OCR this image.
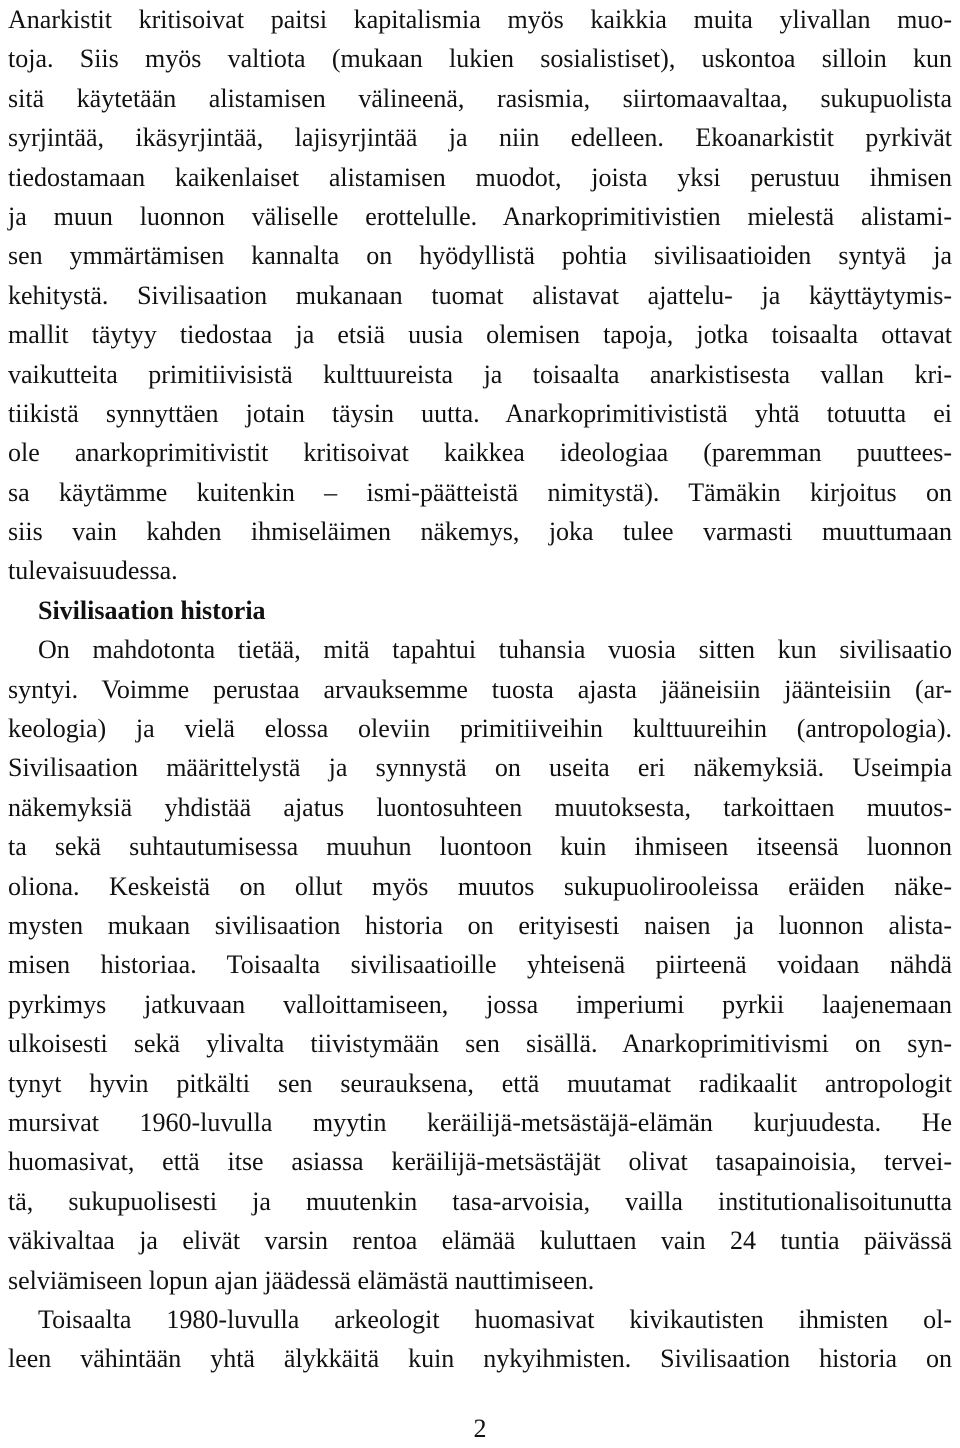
Anarkistit kritisoivat paitsi kapitalismia myös kaikkia muita ylivallan muo-
toja. Siis myös valtiota (mukaan lukien sosialistiset), uskontoa silloin kun
sitä käytetään alistamisen välineenä, rasismia, siirtomaavaltaa, sukupuolista
syrjintää, ikäsyrjintää, lajisyrjintää ja niin edelleen. Ekoanarkistit pyrkivät
tiedostamaan kaikenlaiset alistamisen muodot, joista yksi perustuu ihmisen
ja muun luonnon väliselle erottelulle. Anarkoprimitivistien mielestä alistami-
sen ymmärtämisen kannalta on hyödyllistä pohtia sivilisaatioiden syntyä ja
kehitystä. Sivilisaation mukanaan tuomat alistavat ajattelu- ja käyttäytymis-
mallit täytyy tiedostaa ja etsiä uusia olemisen tapoja, jotka toisaalta ottavat
vaikutteita primitiivisistä kulttuureista ja toisaalta anarkistisesta vallan kri-
tiikistä synnyttäen jotain täysin uutta. Anarkoprimitivististä yhtä totuutta ei
ole anarkoprimitivistit kritisoivat kaikkea ideologiaa (paremman puuttees-
sa käytämme kuitenkin – ismi-päätteistä nimitystä). Tämäkin kirjoitus on
siis vain kahden ihmiseläimen näkemys, joka tulee varmasti muuttumaan
tulevaisuudessa.
Sivilisaation historia
On mahdotonta tietää, mitä tapahtui tuhansia vuosia sitten kun sivilisaatio
syntyi. Voimme perustaa arvauksemme tuosta ajasta jääneisiin jäänteisiin (ar-
keologia) ja vielä elossa oleviin primitiiveihin kulttuureihin (antropologia).
Sivilisaation määrittelystä ja synnystä on useita eri näkemyksiä. Useimpia
näkemyksiä yhdistää ajatus luontosuhteen muutoksesta, tarkoittaen muutos-
ta sekä suhtautumisessa muuhun luontoon kuin ihmiseen itseensä luonnon
oliona. Keskeistä on ollut myös muutos sukupuolirooleissa eräiden näke-
mysten mukaan sivilisaation historia on erityisesti naisen ja luonnon alista-
misen historiaa. Toisaalta sivilisaatioille yhteisenä piirteenä voidaan nähdä
pyrkimys jatkuvaan valloittamiseen, jossa imperiumi pyrkii laajenemaan
ulkoisesti sekä ylivalta tiivistymään sen sisällä. Anarkoprimitivismi on syn-
tynyt hyvin pitkälti sen seurauksena, että muutamat radikaalit antropologit
mursivat 1960-luvulla myytin keräilijä-metsästäjä-elämän kurjuudesta. He
huomasivat, että itse asiassa keräilijä-metsästäjät olivat tasapainoisia, tervei-
tä, sukupuolisesti ja muutenkin tasa-arvoisia, vailla institutionalisoitunutta
väkivaltaa ja elivät varsin rentoa elämää kuluttaen vain 24 tuntia päivässä
selviämiseen lopun ajan jäädessä elämästä nauttimiseen.
Toisaalta 1980-luvulla arkeologit huomasivat kivikautisten ihmisten ol-
leen vähintään yhtä älykkäitä kuin nykyihmisten. Sivilisaation historia on
2
